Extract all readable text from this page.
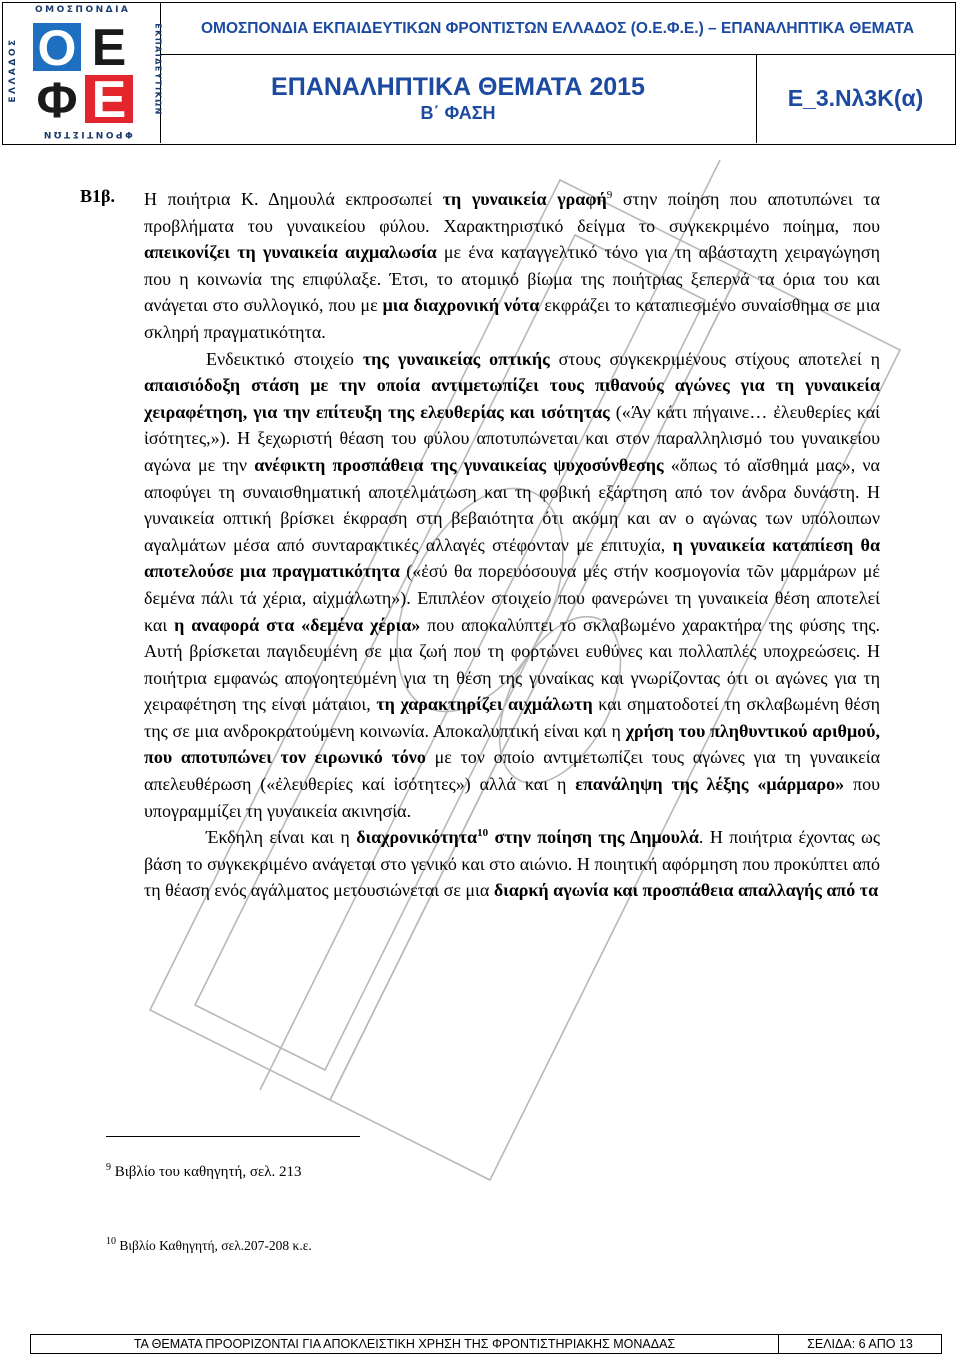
Ο Ε
Φ Ε
ΟΜΟΣΠΟΝΔΙΑ
ΕΛΛΑΔΟΣ	ΕΚΠΑΙΔΕΥΤΙΚΩΝ
ΦΡΟΝΤΙΣΤΩΝ
ΟΜΟΣΠΟΝΔΙΑ ΕΚΠΑΙΔΕΥΤΙΚΩΝ ΦΡΟΝΤΙΣΤΩΝ ΕΛΛΑΔΟΣ (Ο.Ε.Φ.Ε.) – ΕΠΑΝΑΛΗΠΤΙΚΑ ΘΕΜΑΤΑ
ΕΠΑΝΑΛΗΠΤΙΚΑ ΘΕΜΑΤΑ 2015
Β΄ ΦΑΣΗ
Ε_3.Νλ3Κ(α)
Β1β. Η ποιήτρια Κ. Δημουλά εκπροσωπεί τη γυναικεία γραφή$^9$ στην ποίηση που αποτυπώνει τα προβλήματα του γυναικείου φύλου. Χαρακτηριστικό δείγμα το συγκεκριμένο ποίημα, που απεικονίζει τη γυναικεία αιχμαλωσία με ένα καταγγελτικό τόνο για τη αβάσταχτη χειραγώγηση που η κοινωνία της επιφύλαξε. Έτσι, το ατομικό βίωμα της ποιήτριας ξεπερνά τα όρια του και ανάγεται στο συλλογικό, που με μια διαχρονική νότα εκφράζει το καταπιεσμένο συναίσθημα σε μια σκληρή πραγματικότητα.

Ενδεικτικό στοιχείο της γυναικείας οπτικής στους συγκεκριμένους στίχους αποτελεί η απαισιόδοξη στάση με την οποία αντιμετωπίζει τους πιθανούς αγώνες για τη γυναικεία χειραφέτηση, για την επίτευξη της ελευθερίας και ισότητας («Άν κάτι πήγαινε… ἐλευθερίες καί ἰσότητες,»). Η ξεχωριστή θέαση του φύλου αποτυπώνεται και στον παραλληλισμό του γυναικείου αγώνα με την ανέφικτη προσπάθεια της γυναικείας ψυχοσύνθεσης «ὅπως τό αἴσθημά μας», να αποφύγει τη συναισθηματική αποτελμάτωση και τη φοβική εξάρτηση από τον άνδρα δυνάστη. Η γυναικεία οπτική βρίσκει έκφραση στη βεβαιότητα ότι ακόμη και αν ο αγώνας των υπόλοιπων αγαλμάτων μέσα από συνταρακτικές αλλαγές στέφονταν με επιτυχία, η γυναικεία καταπίεση θα αποτελούσε μια πραγματικότητα («ἐσύ θα πορευόσουνα μές στήν κοσμογονία τῶν μαρμάρων μέ δεμένα πάλι τά χέρια, αἰχμάλωτη»). Επιπλέον στοιχείο που φανερώνει τη γυναικεία θέση αποτελεί και η αναφορά στα «δεμένα χέρια» που αποκαλύπτει το σκλαβωμένο χαρακτήρα της φύσης της. Αυτή βρίσκεται παγιδευμένη σε μια ζωή που τη φορτώνει ευθύνες και πολλαπλές υποχρεώσεις. Η ποιήτρια εμφανώς απογοητευμένη για τη θέση της γυναίκας και γνωρίζοντας ότι οι αγώνες για τη χειραφέτηση της είναι μάταιοι, τη χαρακτηρίζει αιχμάλωτη και σηματοδοτεί τη σκλαβωμένη θέση της σε μια ανδροκρατούμενη κοινωνία. Αποκαλυπτική είναι και η χρήση του πληθυντικού αριθμού, που αποτυπώνει τον ειρωνικό τόνο με τον οποίο αντιμετωπίζει τους αγώνες για τη γυναικεία απελευθέρωση («ἐλευθερίες καί ἰσότητες») αλλά και η επανάληψη της λέξης «μάρμαρο» που υπογραμμίζει τη γυναικεία ακινησία.

Έκδηλη είναι και η διαχρονικότητα$^{10}$ στην ποίηση της Δημουλά. Η ποιήτρια έχοντας ως βάση το συγκεκριμένο ανάγεται στο γενικό και στο αιώνιο. Η ποιητική αφόρμηση που προκύπτει από τη θέαση ενός αγάλματος μετουσιώνεται σε μια διαρκή αγωνία και προσπάθεια απαλλαγής από τα

$^9$ Βιβλίο του καθηγητή, σελ. 213
$^{10}$ Βιβλίο Καθηγητή, σελ.207-208 κ.ε.
ΤΑ ΘΕΜΑΤΑ ΠΡΟΟΡΙΖΟΝΤΑΙ ΓΙΑ ΑΠΟΚΛΕΙΣΤΙΚΗ ΧΡΗΣΗ ΤΗΣ ΦΡΟΝΤΙΣΤΗΡΙΑΚΗΣ ΜΟΝΑΔΑΣ	ΣΕΛΙΔΑ: 6 ΑΠΟ 13
